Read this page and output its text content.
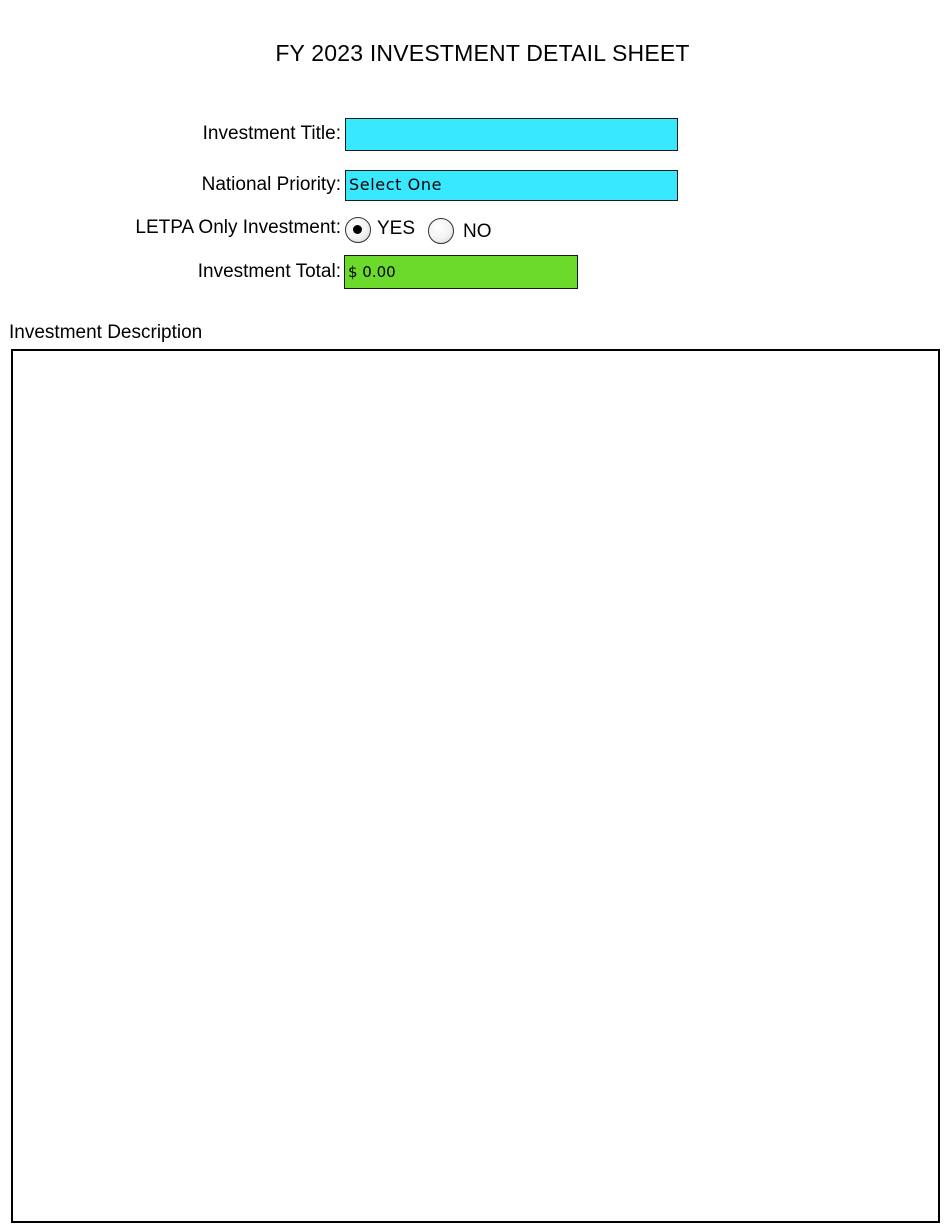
FY 2023 INVESTMENT DETAIL SHEET
Investment Title:
National Priority: Select One
LETPA Only Investment: YES	NO
Investment Total: $ 0.00
Investment Description
